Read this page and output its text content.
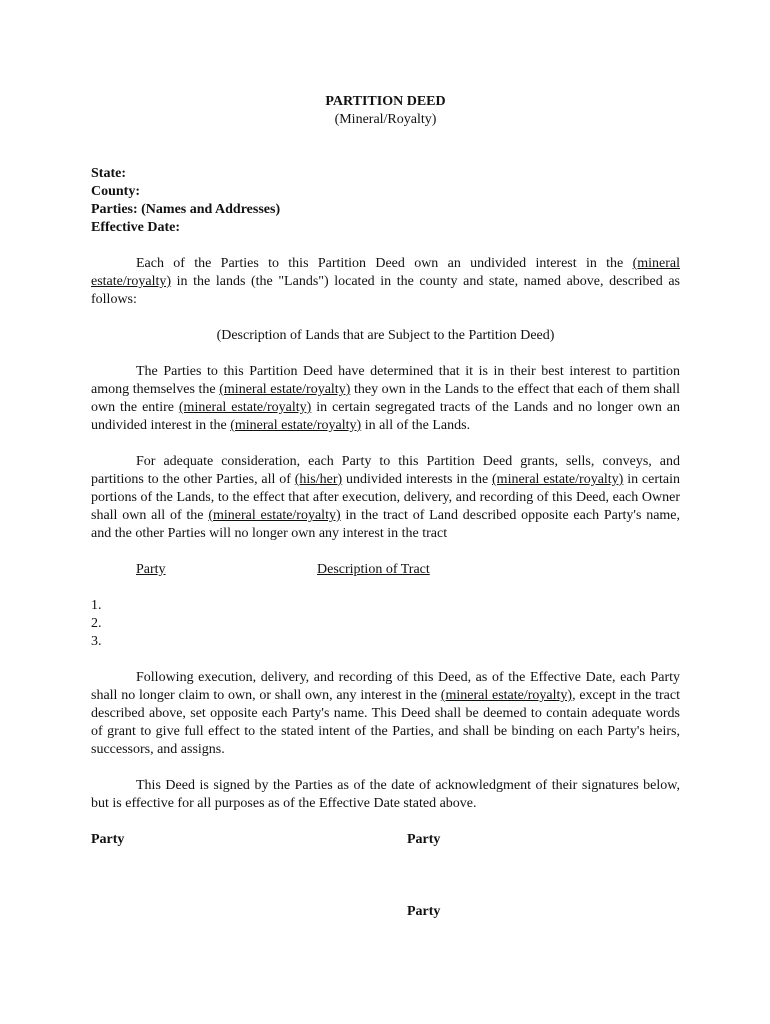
PARTITION DEED

(Mineral/Royalty)

State:

County:

Parties: (Names and Addresses)

Effective Date:

Each of the Parties to this Partition Deed own an undivided interest in the (mineral estate/royalty) in the lands (the "Lands") located in the county and state, named above, described as follows:

(Description of Lands that are Subject to the Partition Deed)

The Parties to this Partition Deed have determined that it is in their best interest to partition among themselves the (mineral estate/royalty) they own in the Lands to the effect that each of them shall own the entire (mineral estate/royalty) in certain segregated tracts of the Lands and no longer own an undivided interest in the (mineral estate/royalty) in all of the Lands.

For adequate consideration, each Party to this Partition Deed grants, sells, conveys, and partitions to the other Parties, all of (his/her) undivided interests in the (mineral estate/royalty) in certain portions of the Lands, to the effect that after execution, delivery, and recording of this Deed, each Owner shall own all of the (mineral estate/royalty) in the tract of Land described opposite each Party's name, and the other Parties will no longer own any interest in the tract

Party	Description of Tract

1.

2.

3.

Following execution, delivery, and recording of this Deed, as of the Effective Date, each Party shall no longer claim to own, or shall own, any interest in the (mineral estate/royalty), except in the tract described above, set opposite each Party's name. This Deed shall be deemed to contain adequate words of grant to give full effect to the stated intent of the Parties, and shall be binding on each Party's heirs, successors, and assigns.

This Deed is signed by the Parties as of the date of acknowledgment of their signatures below, but is effective for all purposes as of the Effective Date stated above.

Party	Party
Party
